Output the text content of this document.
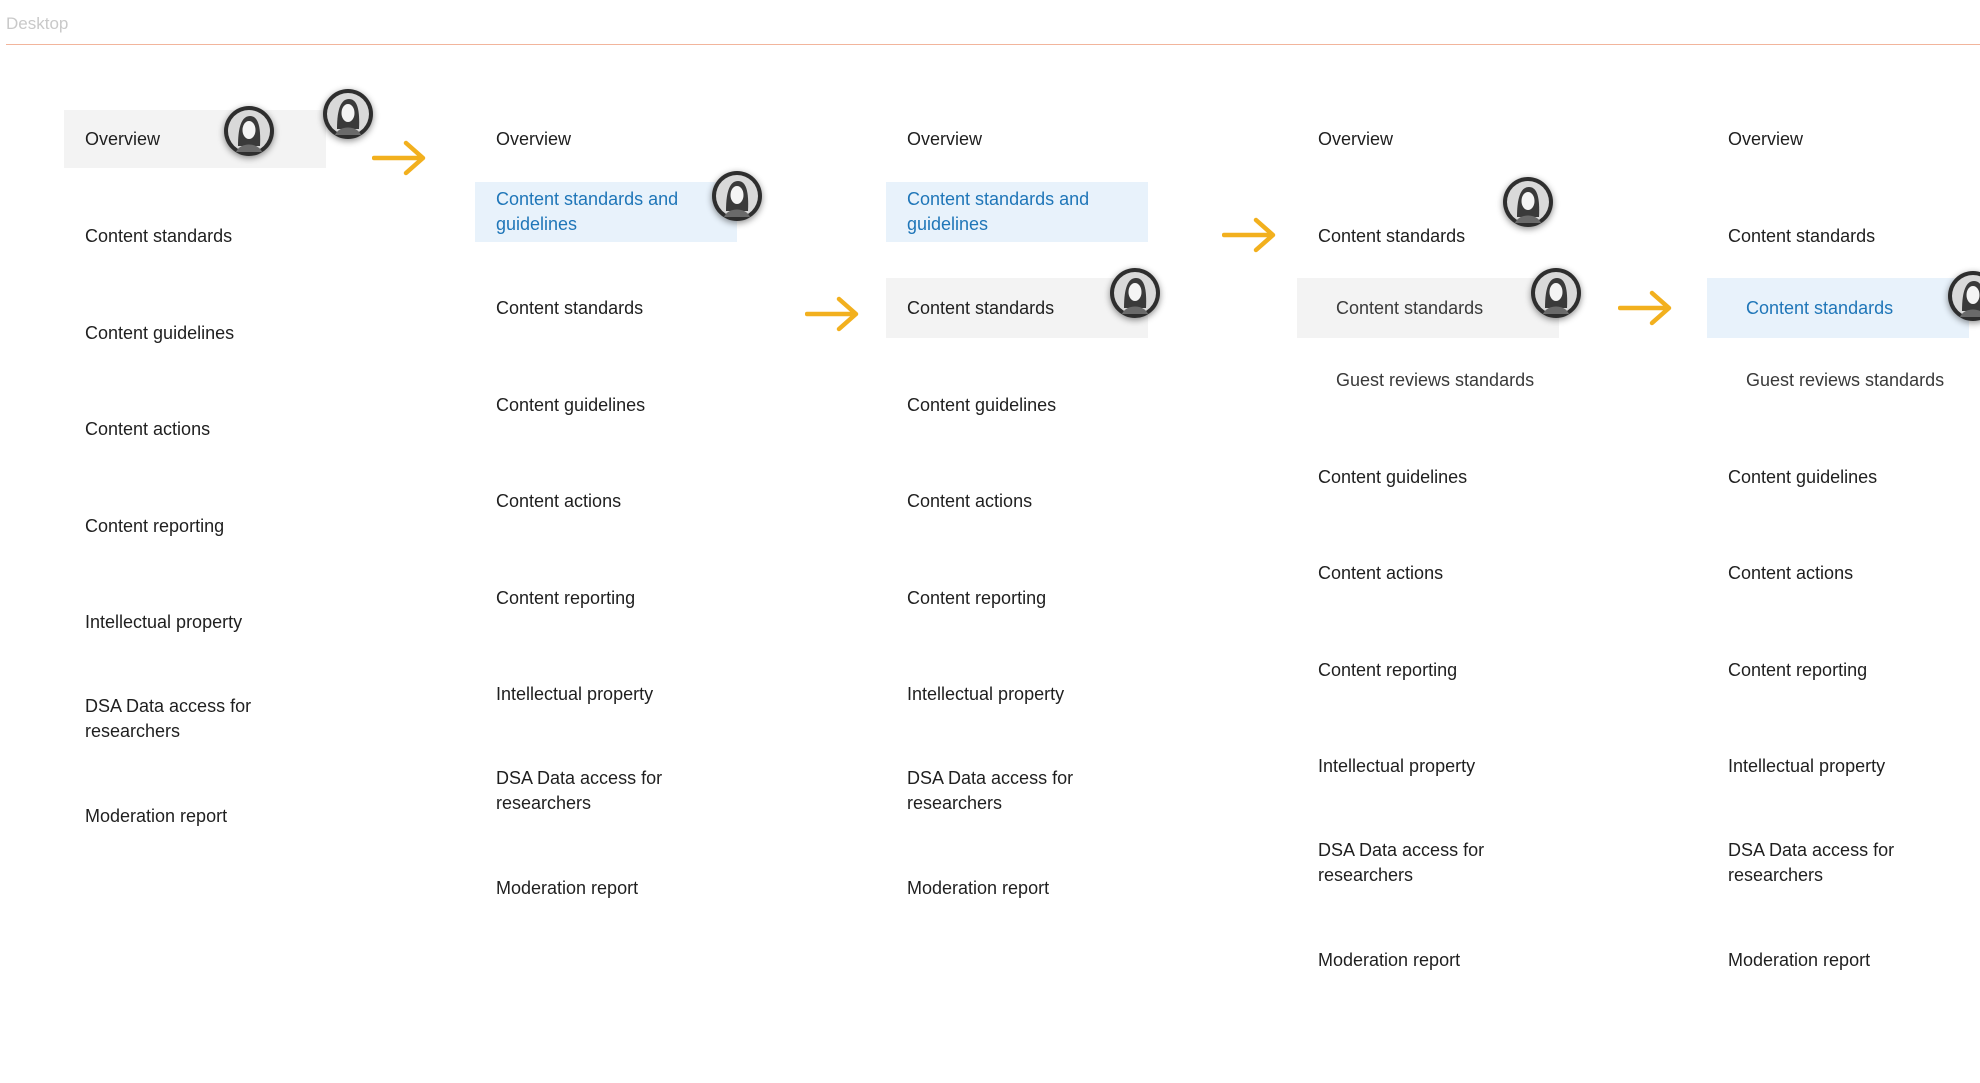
Desktop
Overview
Content standards
Content guidelines
Content actions
Content reporting
Intellectual property
DSA Data access for researchers
Moderation report
Overview
Content standards and guidelines
Content standards
Content guidelines
Content actions
Content reporting
Intellectual property
DSA Data access for researchers
Moderation report
Overview
Content standards and guidelines
Content standards
Content guidelines
Content actions
Content reporting
Intellectual property
DSA Data access for researchers
Moderation report
Overview
Content standards
Content standards
Guest reviews standards
Content guidelines
Content actions
Content reporting
Intellectual property
DSA Data access for researchers
Moderation report
Overview
Content standards
Content standards
Guest reviews standards
Content guidelines
Content actions
Content reporting
Intellectual property
DSA Data access for researchers
Moderation report
